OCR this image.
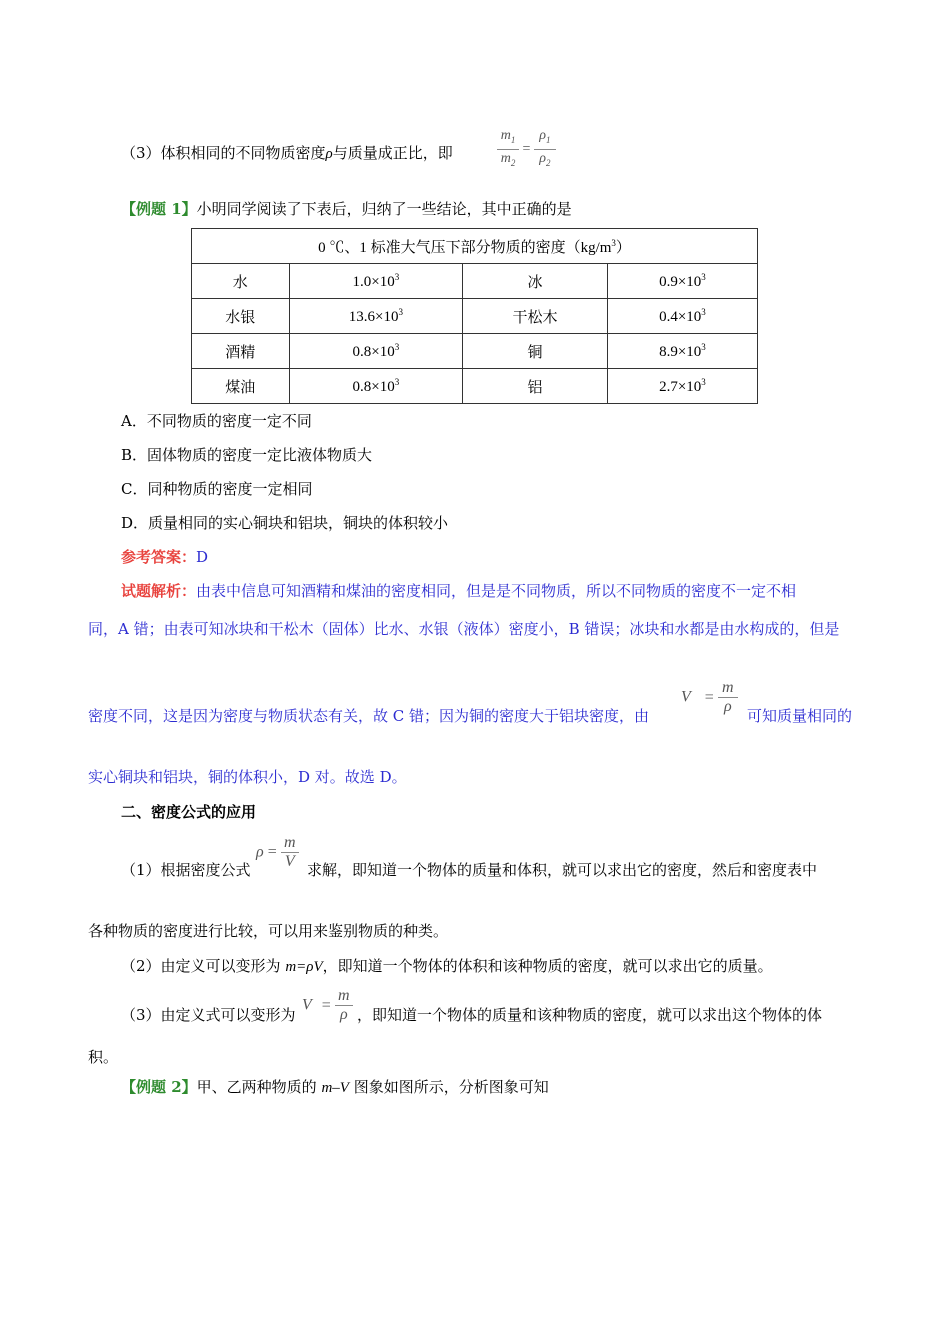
（3）体积相同的不同物质密度ρ与质量成正比，即	$\frac{m_1}{m_2} = \frac{\rho_1}{\rho_2}$
【例题 1】小明同学阅读了下表后，归纳了一些结论，其中正确的是
0 ℃、1 标准大气压下部分物质的密度$(kg/m^3)$			
水	$1.0\times 10^3$	冰	$0.9\times 10^3$
水银	$13.6\times 10^3$	干松木	$0.4\times 10^3$
酒精	$0.8\times 10^3$	铜	$8.9\times 10^3$
煤油	$0.8\times 10^3$	铝	$2.7\times 10^3$
A．不同物质的密度一定不同
B．固体物质的密度一定比液体物质大
C．同种物质的密度一定相同
D．质量相同的实心铜块和铝块，铜块的体积较小
参考答案：D
试题解析：由表中信息可知酒精和煤油的密度相同，但是是不同物质，所以不同物质的密度不一定不相
同，A 错；由表可知冰块和干松木（固体）比水、水银（液体）密度小，B 错误；冰块和水都是由水构成的，但是
密度不同，这是因为密度与物质状态有关，故 C 错；因为铜的密度大于铝块密度，由
$V = \frac{m}{\rho}$
可知质量相同的
实心铜块和铝块，铜的体积小，D 对。故选 D。
二、密度公式的应用
（1）根据密度公式
$\rho = \frac{m}{V}$ 求解，即知道一个物体的质量和体积，就可以求出它的密度，然后和密度表中
各种物质的密度进行比较，可以用来鉴别物质的种类。
（2）由定义可以变形为 m=ρV，即知道一个物体的体积和该种物质的密度，就可以求出它的质量。
（3）由定义式可以变形为
$V = \frac{m}{\rho}$ ，即知道一个物体的质量和该种物质的密度，就可以求出这个物体的体
积。
【例题 2】甲、乙两种物质的 m–V 图象如图所示，分析图象可知
